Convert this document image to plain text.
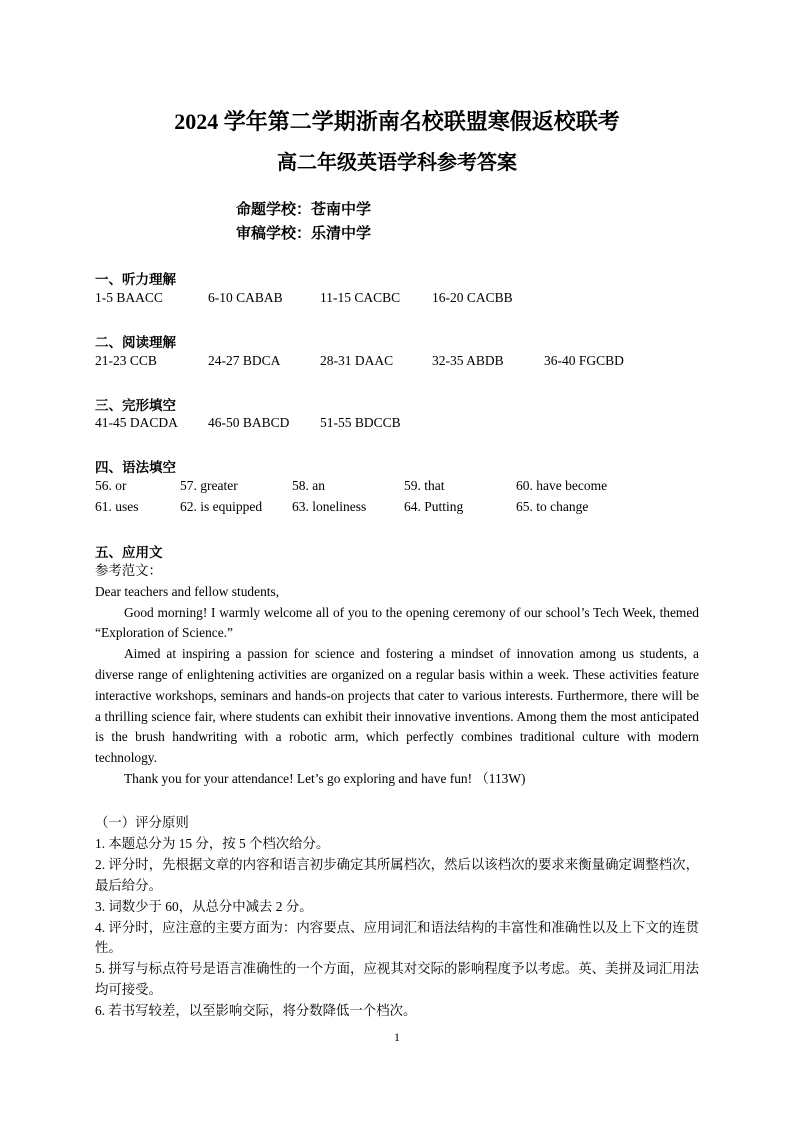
2024 学年第二学期浙南名校联盟寒假返校联考
高二年级英语学科参考答案
命题学校：苍南中学
审稿学校：乐清中学
一、听力理解
1-5 BAACC	6-10 CABAB	11-15 CACBC 16-20 CACBB
二、阅读理解
21-23 CCB	24-27 BDCA	28-31 DAAC	32-35 ABDB	36-40 FGCBD
三、完形填空
41-45 DACDA 46-50 BABCD 51-55 BDCCB
四、语法填空
56. or	57. greater	58. an	59. that	60. have become
61. uses	62. is equipped 63. loneliness	64. Putting	65. to change
五、应用文

参考范文：

Dear teachers and fellow students,

Good morning! I warmly welcome all of you to the opening ceremony of our school’s Tech Week, themed “Exploration of Science.”

Aimed at inspiring a passion for science and fostering a mindset of innovation among us students, a diverse range of enlightening activities are organized on a regular basis within a week. These activities feature interactive workshops, seminars and hands-on projects that cater to various interests. Furthermore, there will be a thrilling science fair, where students can exhibit their innovative inventions. Among them the most anticipated is the brush handwriting with a robotic arm, which perfectly combines traditional culture with modern technology.

Thank you for your attendance! Let’s go exploring and have fun! （113W)

（一）评分原则

1. 本题总分为 15 分，按 5 个档次给分。

2. 评分时，先根据文章的内容和语言初步确定其所属档次，然后以该档次的要求来衡量确定调整档次，最后给分。

3. 词数少于 60，从总分中减去 2 分。

4. 评分时，应注意的主要方面为：内容要点、应用词汇和语法结构的丰富性和准确性以及上下文的连贯性。

5. 拼写与标点符号是语言准确性的一个方面，应视其对交际的影响程度予以考虑。英、美拼及词汇用法均可接受。

6. 若书写较差，以至影响交际，将分数降低一个档次。

1
